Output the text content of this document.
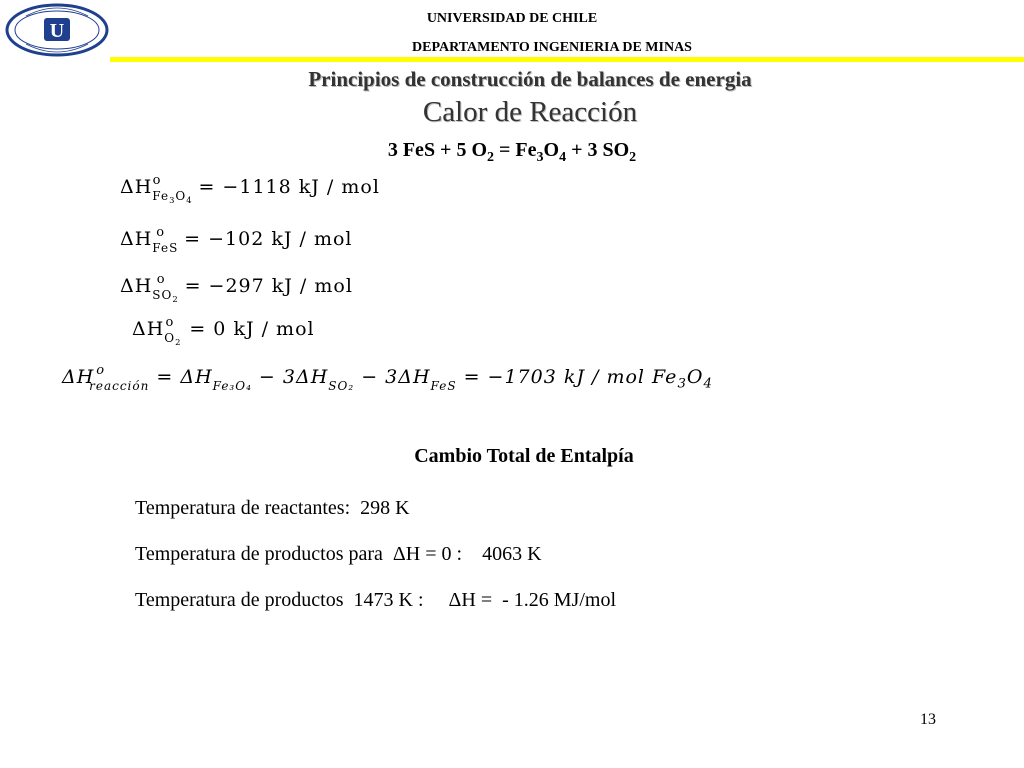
U
UNIVERSIDAD DE CHILE
DEPARTAMENTO INGENIERIA DE MINAS
Principios de construcción de balances de energia
Calor de Reacción
3 FeS + 5 $O_2 = Fe_3O_4 + 3$ $SO_2$
$\Delta H_{Fe_3O_4}^o = -1118$ kJ / mol
$\Delta H_{FeS}^o = -102$ kJ / mol
$\Delta H_{SO_2}^o = -297$ kJ / mol
$\Delta H_{O_2}^o = 0$ kJ / mol
ΔH $^o_{reacción} = \Delta H_{Fe_3O_4} - 3\Delta H_{SO_2} - 3\Delta H_{FeS} = -1703$ kJ / mol $Fe_3O_4$
Cambio Total de Entalpía
Temperatura de reactantes:  298 K
Temperatura de productos para  ΔH = 0 :    4063 K
Temperatura de productos  1473 K :     ΔH =  - 1.26 MJ/mol
13
